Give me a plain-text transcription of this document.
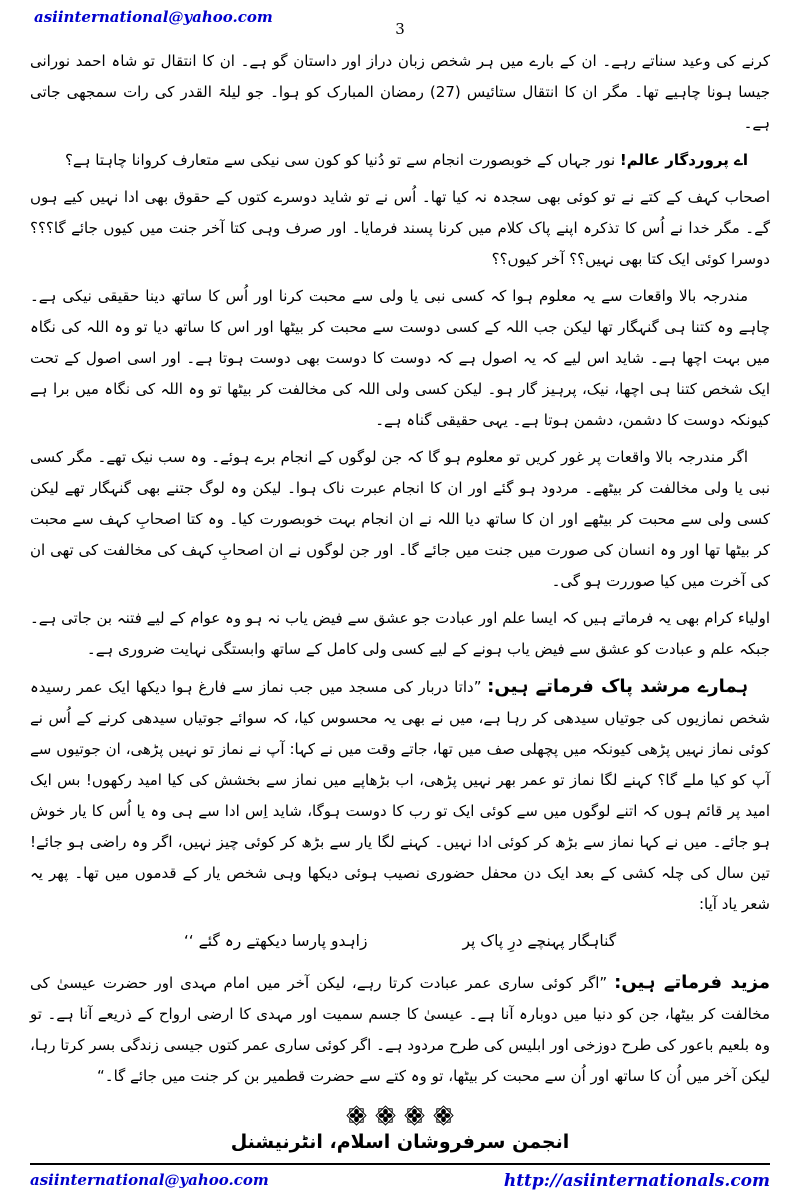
asiinternational@yahoo.com
3

کرنے کی وعید سناتے رہے۔ ان کے بارے میں ہر شخص زبان دراز اور داستان گو ہے۔ ان کا انتقال تو شاہ احمد نورانی جیسا ہونا چاہیے تھا۔ مگر ان کا انتقال ستائیس (27) رمضان المبارک کو ہوا۔ جو لیلۃ القدر کی رات سمجھی جاتی ہے۔

اے پروردگار عالم! نور جہاں کے خوبصورت انجام سے تو دُنیا کو کون سی نیکی سے متعارف کروانا چاہتا ہے؟

اصحاب کہف کے کتے نے تو کوئی بھی سجدہ نہ کیا تھا۔ اُس نے تو شاید دوسرے کتوں کے حقوق بھی ادا نہیں کیے ہوں گے۔ مگر خدا نے اُس کا تذکرہ اپنے پاک کلام میں کرنا پسند فرمایا۔ اور صرف وہی کتا آخر جنت میں کیوں جائے گا؟؟؟ دوسرا کوئی ایک کتا بھی نہیں؟؟ آخر کیوں؟؟

مندرجہ بالا واقعات سے یہ معلوم ہوا کہ کسی نبی یا ولی سے محبت کرنا اور اُس کا ساتھ دینا حقیقی نیکی ہے۔ چاہے وہ کتنا ہی گنہگار تھا لیکن جب اللہ کے کسی دوست سے محبت کر بیٹھا اور اس کا ساتھ دیا تو وہ اللہ کی نگاہ میں بہت اچھا ہے۔ شاید اس لیے کہ یہ اصول ہے کہ دوست کا دوست بھی دوست ہوتا ہے۔ اور اسی اصول کے تحت ایک شخص کتنا ہی اچھا، نیک، پرہیز گار ہو۔ لیکن کسی ولی اللہ کی مخالفت کر بیٹھا تو وہ اللہ کی نگاہ میں برا ہے کیونکہ دوست کا دشمن، دشمن ہوتا ہے۔ یہی حقیقی گناہ ہے۔

اگر مندرجہ بالا واقعات پر غور کریں تو معلوم ہو گا کہ جن لوگوں کے انجام برے ہوئے۔ وہ سب نیک تھے۔ مگر کسی نبی یا ولی مخالفت کر بیٹھے۔ مردود ہو گئے اور ان کا انجام عبرت ناک ہوا۔ لیکن وہ لوگ جتنے بھی گنہگار تھے لیکن کسی ولی سے محبت کر بیٹھے اور ان کا ساتھ دیا اللہ نے ان انجام بہت خوبصورت کیا۔ وہ کتا اصحابِ کہف سے محبت کر بیٹھا تھا اور وہ انسان کی صورت میں جنت میں جائے گا۔ اور جن لوگوں نے ان اصحابِ کہف کی مخالفت کی تھی ان کی آخرت میں کیا صوررت ہو گی۔

اولیاء کرام بھی یہ فرماتے ہیں کہ ایسا علم اور عبادت جو عشق سے فیض یاب نہ ہو وہ عوام کے لیے فتنہ بن جاتی ہے۔ جبکہ علم و عبادت کو عشق سے فیض یاب ہونے کے لیے کسی ولی کامل کے ساتھ وابستگی نہایت ضروری ہے۔

ہمارے مرشد پاک فرماتے ہیں: ”داتا دربار کی مسجد میں جب نماز سے فارغ ہوا دیکھا ایک عمر رسیدہ شخص نمازیوں کی جوتیاں سیدھی کر رہا ہے، میں نے بھی یہ محسوس کیا، کہ سوائے جوتیاں سیدھی کرنے کے اُس نے کوئی نماز نہیں پڑھی کیونکہ میں پچھلی صف میں تھا، جاتے وقت میں نے کہا: آپ نے نماز تو نہیں پڑھی، ان جوتیوں سے آپ کو کیا ملے گا؟ کہنے لگا نماز تو عمر بھر نہیں پڑھی، اب بڑھاپے میں نماز سے بخشش کی کیا امید رکھوں! بس ایک امید پر قائم ہوں کہ اتنے لوگوں میں سے کوئی ایک تو رب کا دوست ہوگا، شاید اِس ادا سے ہی وہ یا اُس کا یار خوش ہو جائے۔ میں نے کہا نماز سے بڑھ کر کوئی ادا نہیں۔ کہنے لگا یار سے بڑھ کر کوئی چیز نہیں، اگر وہ راضی ہو جائے! تین سال کی چلہ کشی کے بعد ایک دن محفل حضوری نصیب ہوئی دیکھا وہی شخص یار کے قدموں میں تھا۔ پھر یہ شعر یاد آیا:

گناہگار پہنچے درِ پاک پر
زاہدو پارسا دیکھتے رہ گئے ‘‘

مزید فرماتے ہیں: ”اگر کوئی ساری عمر عبادت کرتا رہے، لیکن آخر میں امام مہدی اور حضرت عیسیٰ کی مخالفت کر بیٹھا، جن کو دنیا میں دوبارہ آنا ہے۔ عیسیٰ کا جسم سمیت اور مہدی کا ارضی ارواح کے ذریعے آنا ہے۔ تو وہ بلعیم باعور کی طرح دوزخی اور ابلیس کی طرح مردود ہے۔ اگر کوئی ساری عمر کتوں جیسی زندگی بسر کرتا رہا، لیکن آخر میں اُن کا ساتھ اور اُن سے محبت کر بیٹھا، تو وہ کتے سے حضرت قطمیر بن کر جنت میں جائے گا۔“

انجمن سرفروشان اسلام، انٹرنیشنل
asiinternational@yahoo.com	http://asiinternationals.com
